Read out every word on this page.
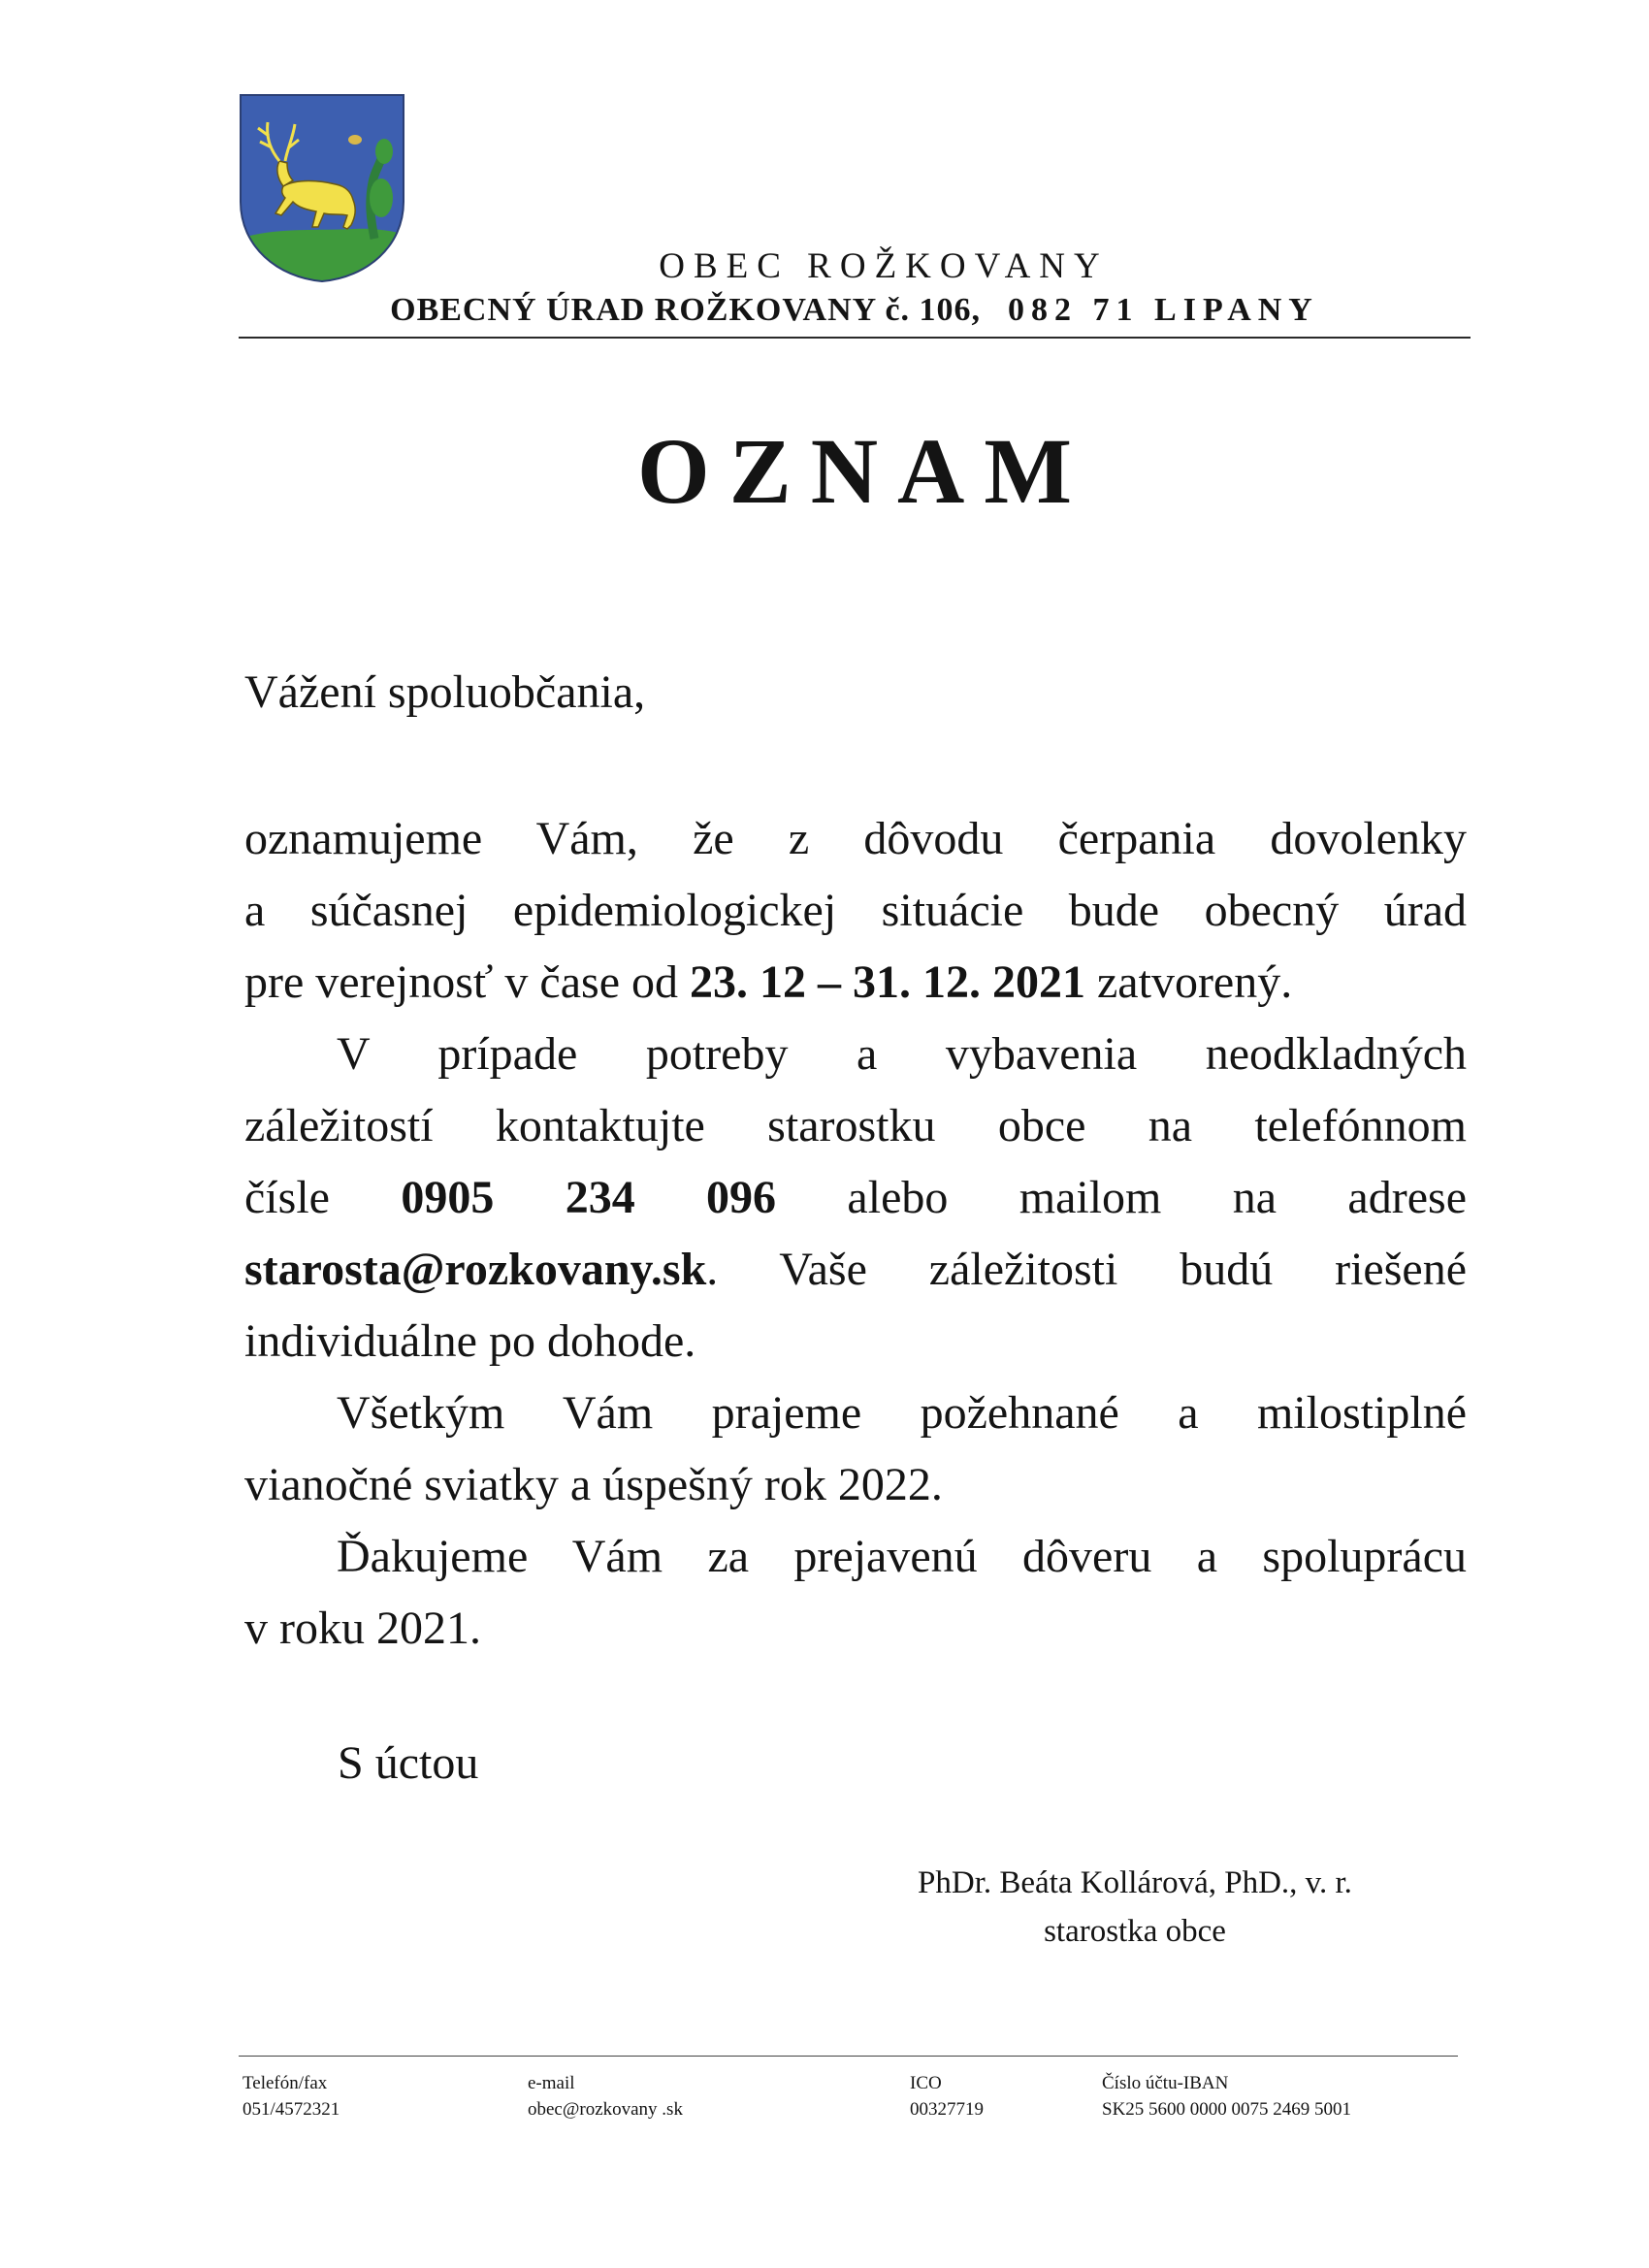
OBEC ROŽKOVANY
OBECNÝ ÚRAD ROŽKOVANY č. 106, 082 71 LIPANY
OZNAM
Vážení spoluobčania,
oznamujeme Vám, že z dôvodu čerpania dovolenky
a súčasnej epidemiologickej situácie bude obecný úrad
pre verejnosť v čase od 23. 12 – 31. 12. 2021 zatvorený.
V prípade potreby a vybavenia neodkladných
záležitostí kontaktujte starostku obce na telefónnom
čísle 0905 234 096 alebo mailom na adrese
starosta@rozkovany.sk. Vaše záležitosti budú riešené
individuálne po dohode.
Všetkým Vám prajeme požehnané a milostiplné
vianočné sviatky a úspešný rok 2022.
Ďakujeme Vám za prejavenú dôveru a spoluprácu
v roku 2021.
S úctou
PhDr. Beáta Kollárová, PhD., v. r.
starostka obce
Telefón/fax
051/4572321
e-mail
obec@rozkovany .sk
ICO
00327719
Číslo účtu-IBAN
SK25 5600 0000 0075 2469 5001
